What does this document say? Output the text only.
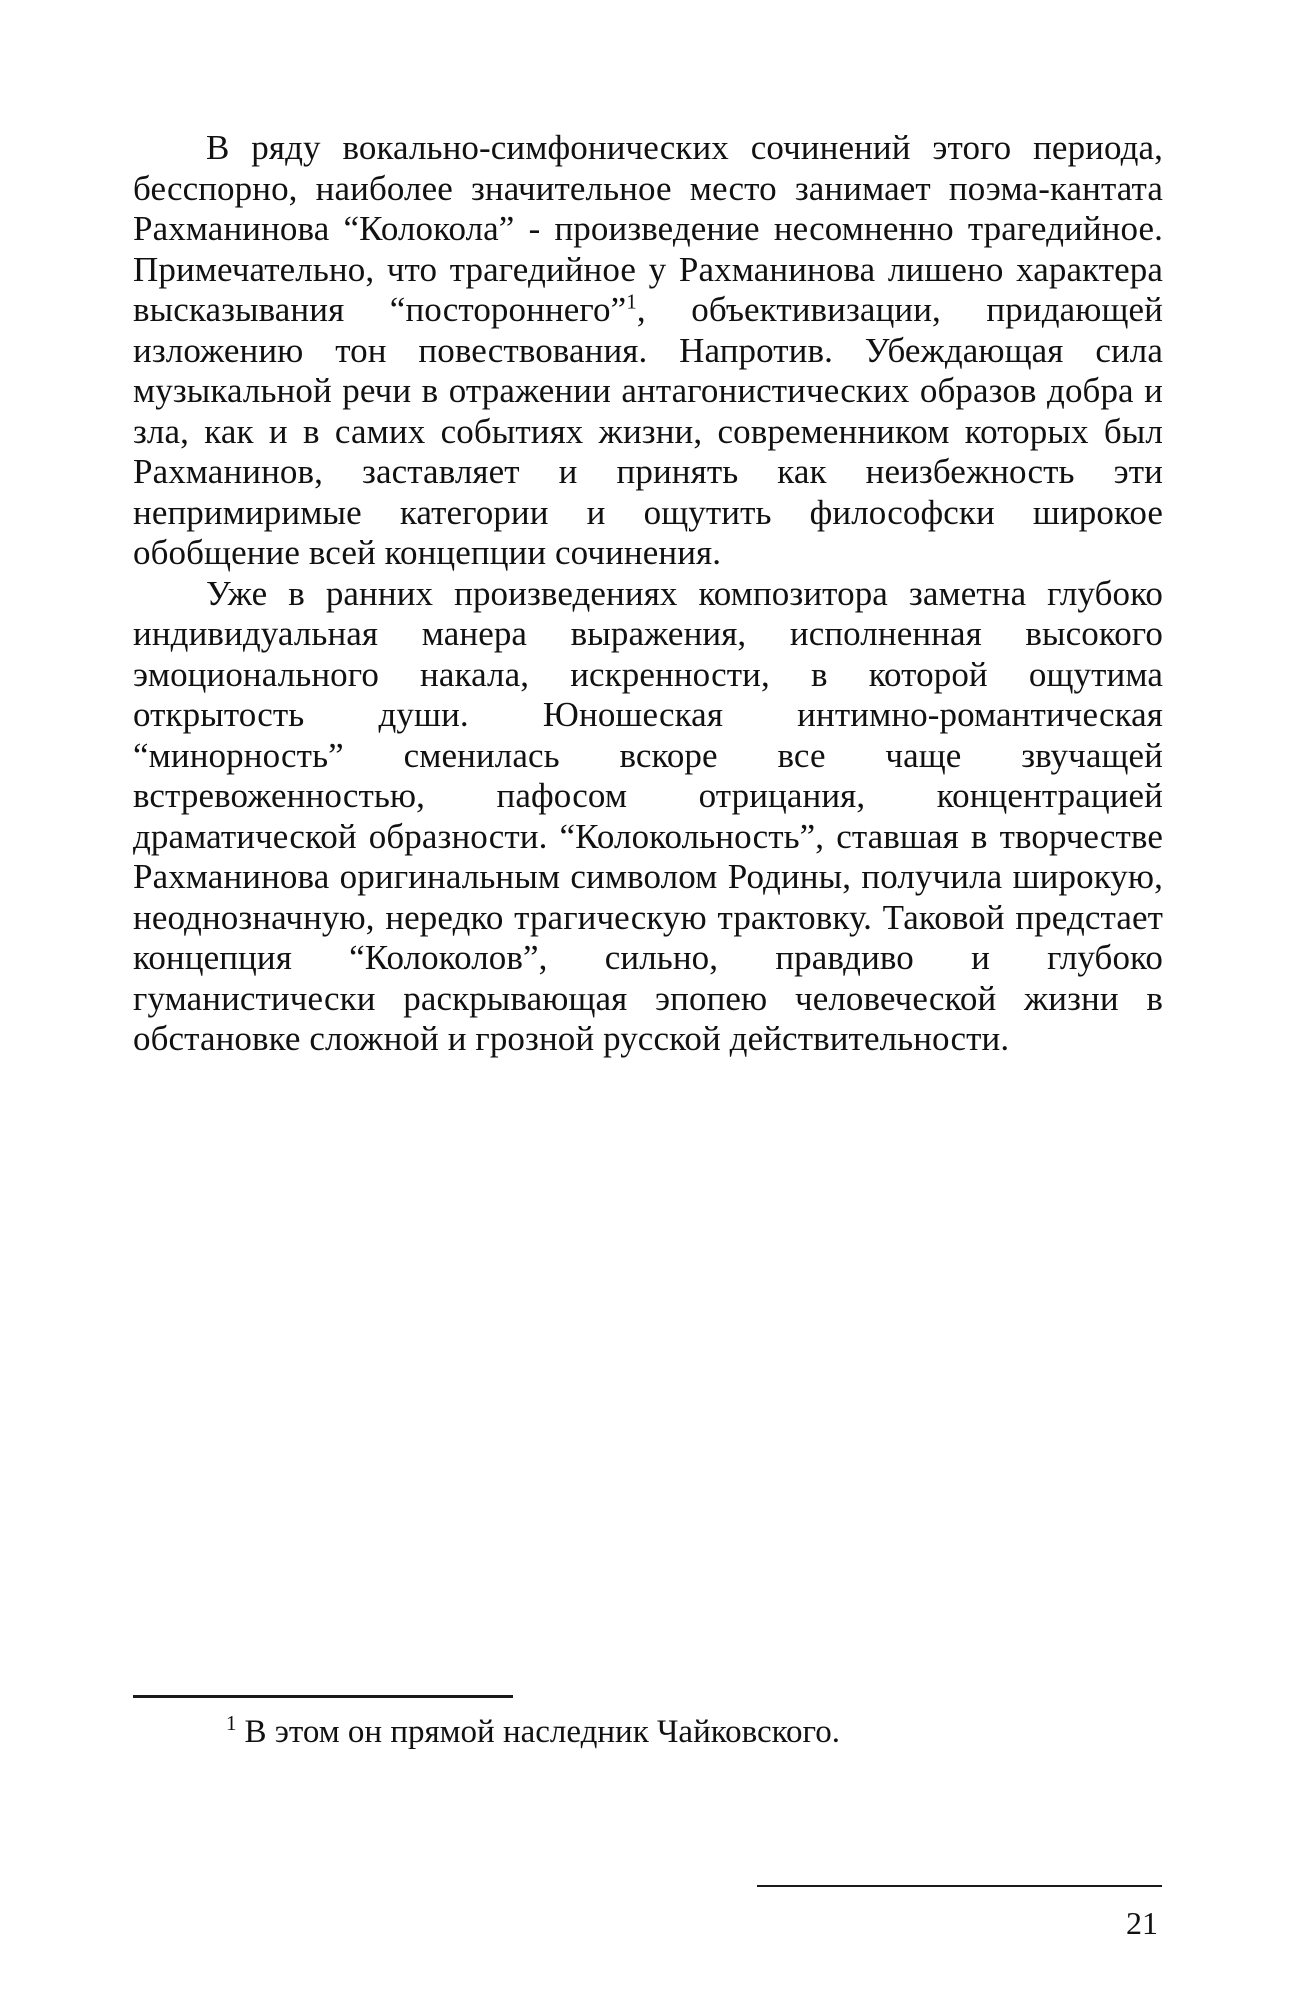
В ряду вокально-симфонических сочинений этого периода, бесспорно, наиболее значительное место занимает поэма-кантата Рахманинова “Колокола” - произведение несомненно трагедийное. Примечательно, что трагедийное у Рахманинова лишено характера высказывания “постороннего”$^1$, объективизации, придающей изложению тон повествования. Напротив. Убеждающая сила музыкальной речи в отражении антагонистических образов добра и зла, как и в самих событиях жизни, современником которых был Рахманинов, заставляет и принять как неизбежность эти непримиримые категории и ощутить философски широкое обобщение всей концепции сочинения.

Уже в ранних произведениях композитора заметна глубоко индивидуальная манера выражения, исполненная высокого эмоционального накала, искренности, в которой ощутима открытость души. Юношеская интимно-романтическая “минорность” сменилась вскоре все чаще звучащей встревоженностью, пафосом отрицания, концентрацией драматической образности. “Колокольность”, ставшая в творчестве Рахманинова оригинальным символом Родины, получила широкую, неоднозначную, нередко трагическую трактовку. Таковой предстает концепция “Колоколов”, сильно, правдиво и глубоко гуманистически раскрывающая эпопею человеческой жизни в обстановке сложной и грозной русской действительности.

$^1$ В этом он прямой наследник Чайковского.
21
